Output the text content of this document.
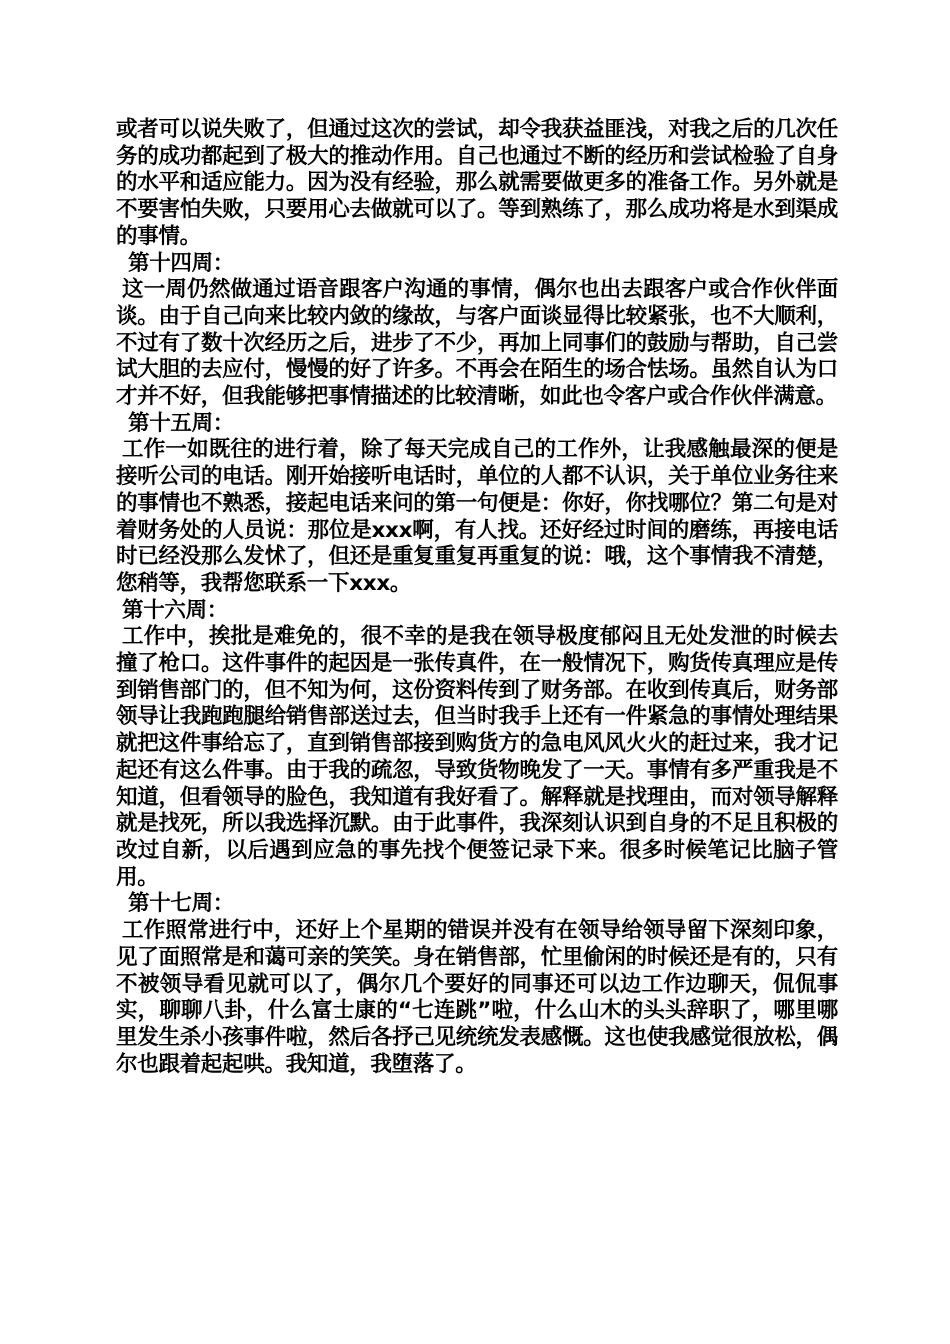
或者可以说失败了，但通过这次的尝试，却令我获益匪浅，对我之后的几次任务的成功都起到了极大的推动作用。自己也通过不断的经历和尝试检验了自身的水平和适应能力。因为没有经验，那么就需要做更多的准备工作。另外就是不要害怕失败，只要用心去做就可以了。等到熟练了，那么成功将是水到渠成的事情。

第十四周：

这一周仍然做通过语音跟客户沟通的事情，偶尔也出去跟客户或合作伙伴面谈。由于自己向来比较内敛的缘故，与客户面谈显得比较紧张，也不大顺利，不过有了数十次经历之后，进步了不少，再加上同事们的鼓励与帮助，自己尝试大胆的去应付，慢慢的好了许多。不再会在陌生的场合怯场。虽然自认为口才并不好，但我能够把事情描述的比较清晰，如此也令客户或合作伙伴满意。

第十五周：

工作一如既往的进行着，除了每天完成自己的工作外，让我感触最深的便是接听公司的电话。刚开始接听电话时，单位的人都不认识，关于单位业务往来的事情也不熟悉，接起电话来问的第一句便是：你好，你找哪位？第二句是对着财务处的人员说：那位是xxx啊，有人找。还好经过时间的磨练，再接电话时已经没那么发怵了，但还是重复重复再重复的说：哦，这个事情我不清楚，您稍等，我帮您联系一下xxx。

第十六周：

工作中，挨批是难免的，很不幸的是我在领导极度郁闷且无处发泄的时候去撞了枪口。这件事件的起因是一张传真件，在一般情况下，购货传真理应是传到销售部门的，但不知为何，这份资料传到了财务部。在收到传真后，财务部领导让我跑跑腿给销售部送过去，但当时我手上还有一件紧急的事情处理结果就把这件事给忘了，直到销售部接到购货方的急电风风火火的赶过来，我才记起还有这么件事。由于我的疏忽，导致货物晚发了一天。事情有多严重我是不知道，但看领导的脸色，我知道有我好看了。解释就是找理由，而对领导解释就是找死，所以我选择沉默。由于此事件，我深刻认识到自身的不足且积极的改过自新，以后遇到应急的事先找个便签记录下来。很多时候笔记比脑子管用。

第十七周：

工作照常进行中，还好上个星期的错误并没有在领导给领导留下深刻印象，见了面照常是和蔼可亲的笑笑。身在销售部，忙里偷闲的时候还是有的，只有不被领导看见就可以了，偶尔几个要好的同事还可以边工作边聊天，侃侃事实，聊聊八卦，什么富士康的“七连跳”啦，什么山木的头头辞职了，哪里哪里发生杀小孩事件啦，然后各抒己见统统发表感慨。这也使我感觉很放松，偶尔也跟着起起哄。我知道，我堕落了。
